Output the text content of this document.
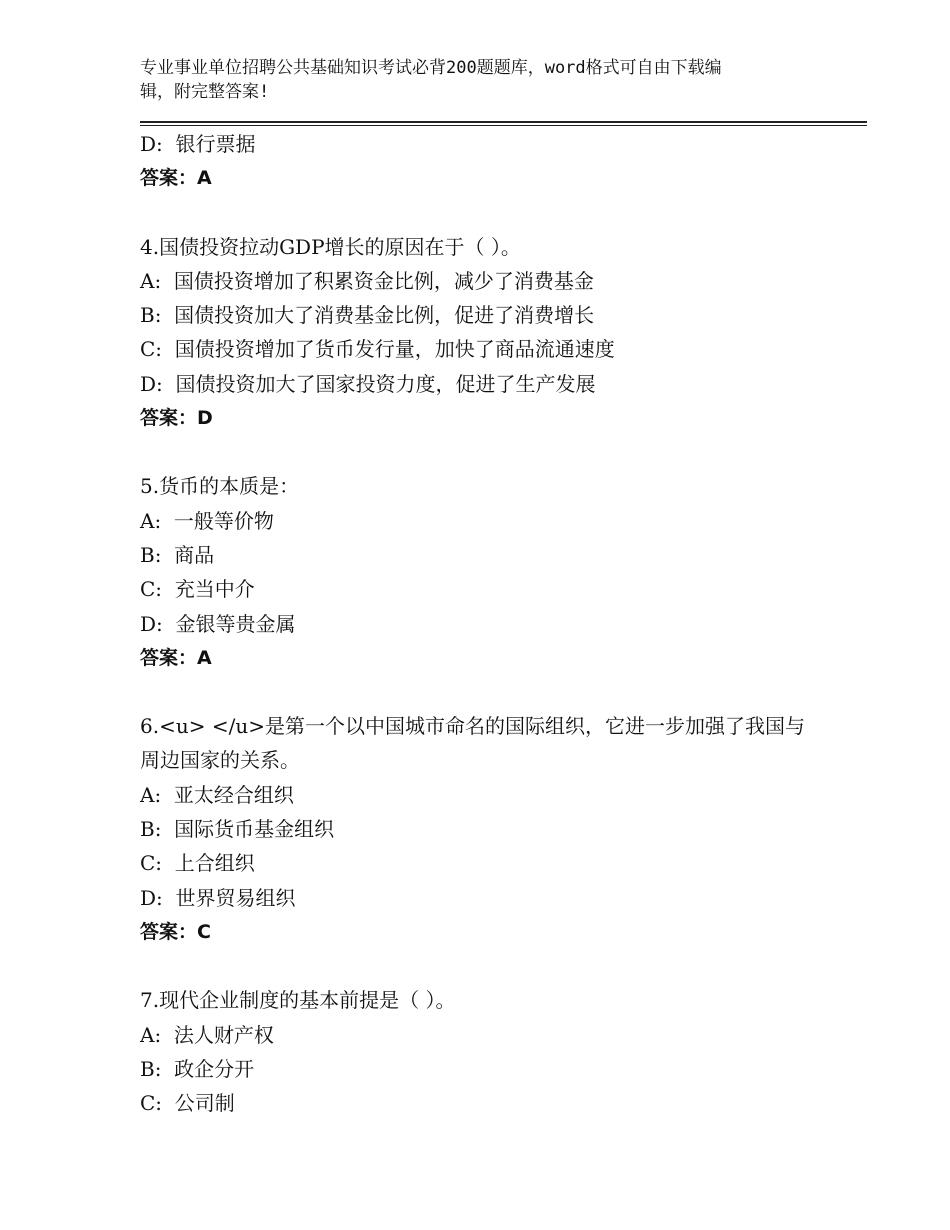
专业事业单位招聘公共基础知识考试必背200题题库，word格式可自由下载编
辑，附完整答案!
D:  银行票据
答案：A
4.国债投资拉动GDP增长的原因在于（ ）。
A:  国债投资增加了积累资金比例，减少了消费基金
B:  国债投资加大了消费基金比例，促进了消费增长
C:  国债投资增加了货币发行量，加快了商品流通速度
D:  国债投资加大了国家投资力度，促进了生产发展
答案：D
5.货币的本质是：
A:  一般等价物
B:  商品
C:  充当中介
D:  金银等贵金属
答案：A
6.<u> </u>是第一个以中国城市命名的国际组织，它进一步加强了我国与周边国家的关系。
A:  亚太经合组织
B:  国际货币基金组织
C:  上合组织
D:  世界贸易组织
答案：C
7.现代企业制度的基本前提是（ ）。
A:  法人财产权
B:  政企分开
C:  公司制
